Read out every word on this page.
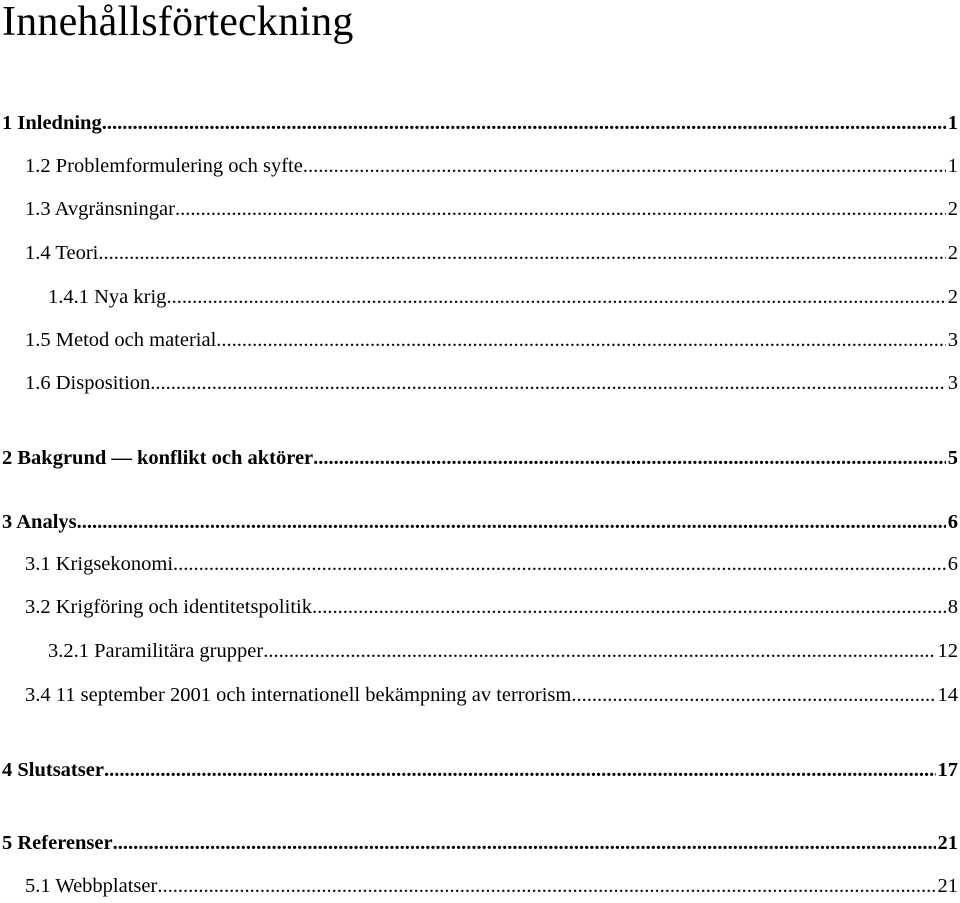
Innehållsförteckning
1 Inledning .....	1
1.2 Problemformulering och syfte .....	1
1.3 Avgränsningar .....	2
1.4 Teori .....	2
1.4.1 Nya krig .....	2
1.5 Metod och material .....	3
1.6 Disposition .....	3
2 Bakgrund — konflikt och aktörer .....	5
3 Analys .....	6
3.1 Krigsekonomi .....	6
3.2 Krigföring och identitetspolitik .....	8
3.2.1 Paramilitära grupper .....	12
3.4 11 september 2001 och internationell bekämpning av terrorism .....	14
4 Slutsatser .....	17
5 Referenser .....	21
5.1 Webbplatser .....	21
